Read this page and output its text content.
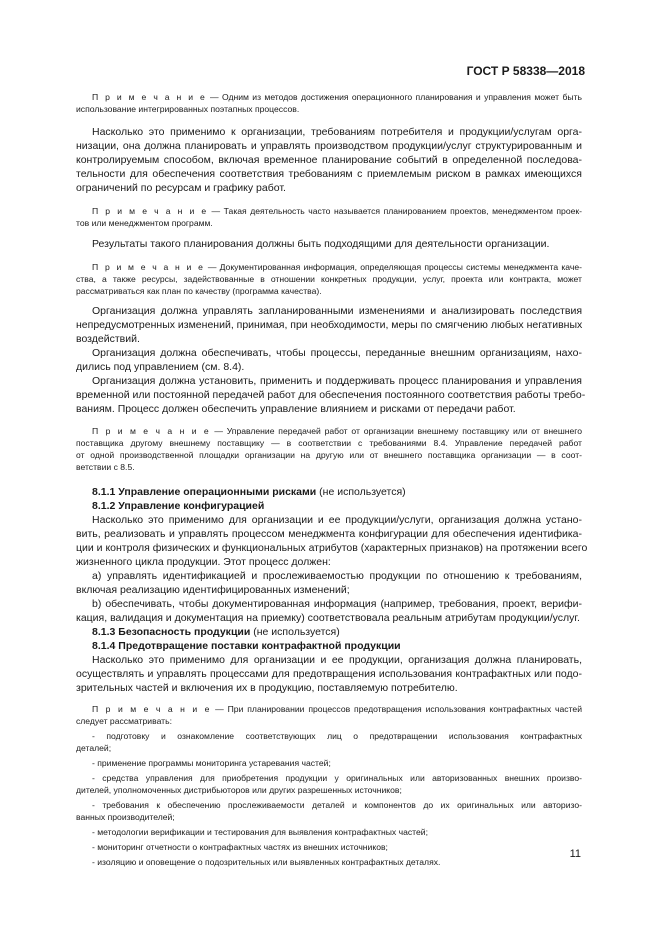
ГОСТ Р 58338—2018
П р и м е ч а н и е — Одним из методов достижения операционного планирования и управления может быть
использование интегрированных поэтапных процессов.
Насколько это применимо к организации, требованиям потребителя и продукции/услугам орга-
низации, она должна планировать и управлять производством продукции/услуг структурированным и
контролируемым способом, включая временное планирование событий в определенной последова-
тельности для обеспечения соответствия требованиям с приемлемым риском в рамках имеющихся
ограничений по ресурсам и графику работ.
П р и м е ч а н и е — Такая деятельность часто называется планированием проектов, менеджментом проек-
тов или менеджментом программ.
Результаты такого планирования должны быть подходящими для деятельности организации.
П р и м е ч а н и е — Документированная информация, определяющая процессы системы менеджмента каче-
ства, а также ресурсы, задействованные в отношении конкретных продукции, услуг, проекта или контракта, может
рассматриваться как план по качеству (программа качества).
Организация должна управлять запланированными изменениями и анализировать последствия
непредусмотренных изменений, принимая, при необходимости, меры по смягчению любых негативных
воздействий.
Организация должна обеспечивать, чтобы процессы, переданные внешним организациям, нахо-
дились под управлением (см. 8.4).
Организация должна установить, применить и поддерживать процесс планирования и управления
временной или постоянной передачей работ для обеспечения постоянного соответствия работы требо-
ваниям. Процесс должен обеспечить управление влиянием и рисками от передачи работ.
П р и м е ч а н и е — Управление передачей работ от организации внешнему поставщику или от внешнего
поставщика другому внешнему поставщику — в соответствии с требованиями 8.4. Управление передачей работ
от одной производственной площадки организации на другую или от внешнего поставщика организации — в соот-
ветствии с 8.5.
8.1.1 Управление операционными рисками (не используется)
8.1.2 Управление конфигурацией
Насколько это применимо для организации и ее продукции/услуги, организация должна устано-
вить, реализовать и управлять процессом менеджмента конфигурации для обеспечения идентифика-
ции и контроля физических и функциональных атрибутов (характерных признаков) на протяжении всего
жизненного цикла продукции. Этот процесс должен:
a) управлять идентификацией и прослеживаемостью продукции по отношению к требованиям,
включая реализацию идентифицированных изменений;
b) обеспечивать, чтобы документированная информация (например, требования, проект, верифи-
кация, валидация и документация на приемку) соответствовала реальным атрибутам продукции/услуг.
8.1.3 Безопасность продукции (не используется)
8.1.4 Предотвращение поставки контрафактной продукции
Насколько это применимо для организации и ее продукции, организация должна планировать,
осуществлять и управлять процессами для предотвращения использования контрафактных или подо-
зрительных частей и включения их в продукцию, поставляемую потребителю.
П р и м е ч а н и е — При планировании процессов предотвращения использования контрафактных частей
следует рассматривать:
- подготовку и ознакомление соответствующих лиц о предотвращении использования контрафактных
деталей;
- применение программы мониторинга устаревания частей;
- средства управления для приобретения продукции у оригинальных или авторизованных внешних произво-
дителей, уполномоченных дистрибьюторов или других разрешенных источников;
- требования к обеспечению прослеживаемости деталей и компонентов до их оригинальных или авторизо-
ванных производителей;
- методологии верификации и тестирования для выявления контрафактных частей;
- мониторинг отчетности о контрафактных частях из внешних источников;
- изоляцию и оповещение о подозрительных или выявленных контрафактных деталях.
11
